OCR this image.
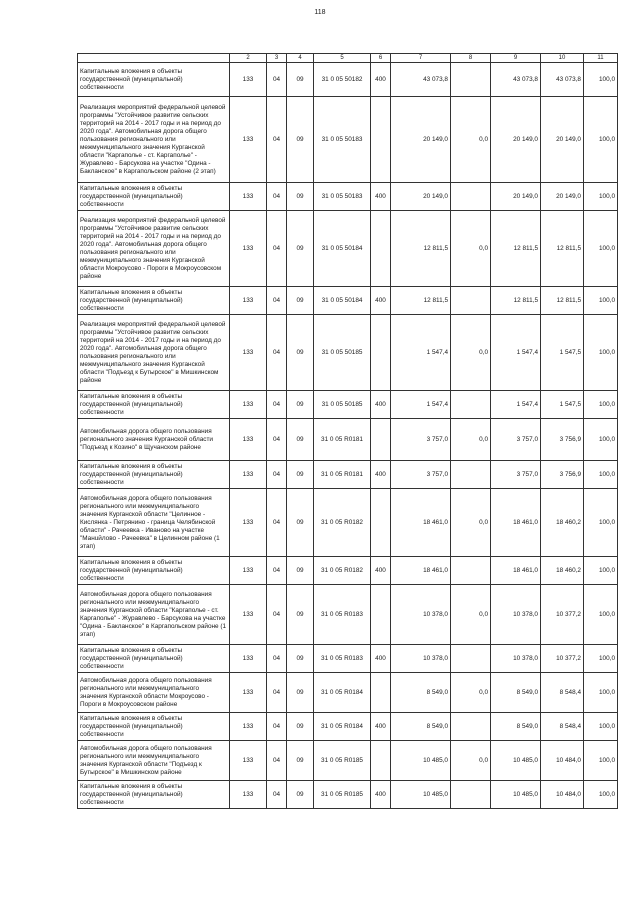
118
	2	3	4	5	6	7	8	9	10	11
Капитальные вложения в объекты государственной (муниципальной) собственности	133	04	09	31 0 05 50182	400	43 073,8		43 073,8	43 073,8	100,0
Реализация мероприятий федеральной целевой программы "Устойчивое развитие сельских территорий на 2014 - 2017 годы и на период до 2020 года". Автомобильная дорога общего пользования регионального или межмуниципального значения Курганской области "Каргаполье - ст. Каргаполье" - Журавлево - Барсукова на участке "Одина - Бакланское" в Каргапольском районе (2 этап)	133	04	09	31 0 05 50183		20 149,0	0,0	20 149,0	20 149,0	100,0
Капитальные вложения в объекты государственной (муниципальной) собственности	133	04	09	31 0 05 50183	400	20 149,0		20 149,0	20 149,0	100,0
Реализация мероприятий федеральной целевой программы "Устойчивое развитие сельских территорий на 2014 - 2017 годы и на период до 2020 года". Автомобильная дорога общего пользования регионального или межмуниципального значения Курганской области Мокроусово - Пороги в Мокроусовском районе	133	04	09	31 0 05 50184		12 811,5	0,0	12 811,5	12 811,5	100,0
Капитальные вложения в объекты государственной (муниципальной) собственности	133	04	09	31 0 05 50184	400	12 811,5		12 811,5	12 811,5	100,0
Реализация мероприятий федеральной целевой программы "Устойчивое развитие сельских территорий на 2014 - 2017 годы и на период до 2020 года". Автомобильная дорога общего пользования регионального или межмуниципального значения Курганской области "Подъезд к Бутырское" в Мишкинском районе	133	04	09	31 0 05 50185		1 547,4	0,0	1 547,4	1 547,5	100,0
Капитальные вложения в объекты государственной (муниципальной) собственности	133	04	09	31 0 05 50185	400	1 547,4		1 547,4	1 547,5	100,0
Автомобильная дорога общего пользования регионального значения Курганской области "Подъезд к Козино" в Щучанском районе	133	04	09	31 0 05 R0181		3 757,0	0,0	3 757,0	3 756,9	100,0
Капитальные вложения в объекты государственной (муниципальной) собственности	133	04	09	31 0 05 R0181	400	3 757,0		3 757,0	3 756,9	100,0
Автомобильная дорога общего пользования регионального или межмуниципального значения Курганской области "Целинное - Кислянка - Петрянино - граница Челябинской области" - Рачеевка - Иваново на участке "Манuйлово - Рачеевка" в Целинном районе (1 этап)	133	04	09	31 0 05 R0182		18 461,0	0,0	18 461,0	18 460,2	100,0
Капитальные вложения в объекты государственной (муниципальной) собственности	133	04	09	31 0 05 R0182	400	18 461,0		18 461,0	18 460,2	100,0
Автомобильная дорога общего пользования регионального или межмуниципального значения Курганской области "Каргаполье - ст. Каргаполье" - Журавлево - Барсукова на участке "Одина - Бакланское" в Каргапольском районе (1 этап)	133	04	09	31 0 05 R0183		10 378,0	0,0	10 378,0	10 377,2	100,0
Капитальные вложения в объекты государственной (муниципальной) собственности	133	04	09	31 0 05 R0183	400	10 378,0		10 378,0	10 377,2	100,0
Автомобильная дорога общего пользования регионального или межмуниципального значения Курганской области Мокроусово - Пороги в Мокроусовском районе	133	04	09	31 0 05 R0184		8 549,0	0,0	8 549,0	8 548,4	100,0
Капитальные вложения в объекты государственной (муниципальной) собственности	133	04	09	31 0 05 R0184	400	8 549,0		8 549,0	8 548,4	100,0
Автомобильная дорога общего пользования регионального или межмуниципального значения Курганской области "Подъезд к Бутырское" в Мишкинском районе	133	04	09	31 0 05 R0185		10 485,0	0,0	10 485,0	10 484,0	100,0
Капитальные вложения в объекты государственной (муниципальной) собственности	133	04	09	31 0 05 R0185	400	10 485,0		10 485,0	10 484,0	100,0
